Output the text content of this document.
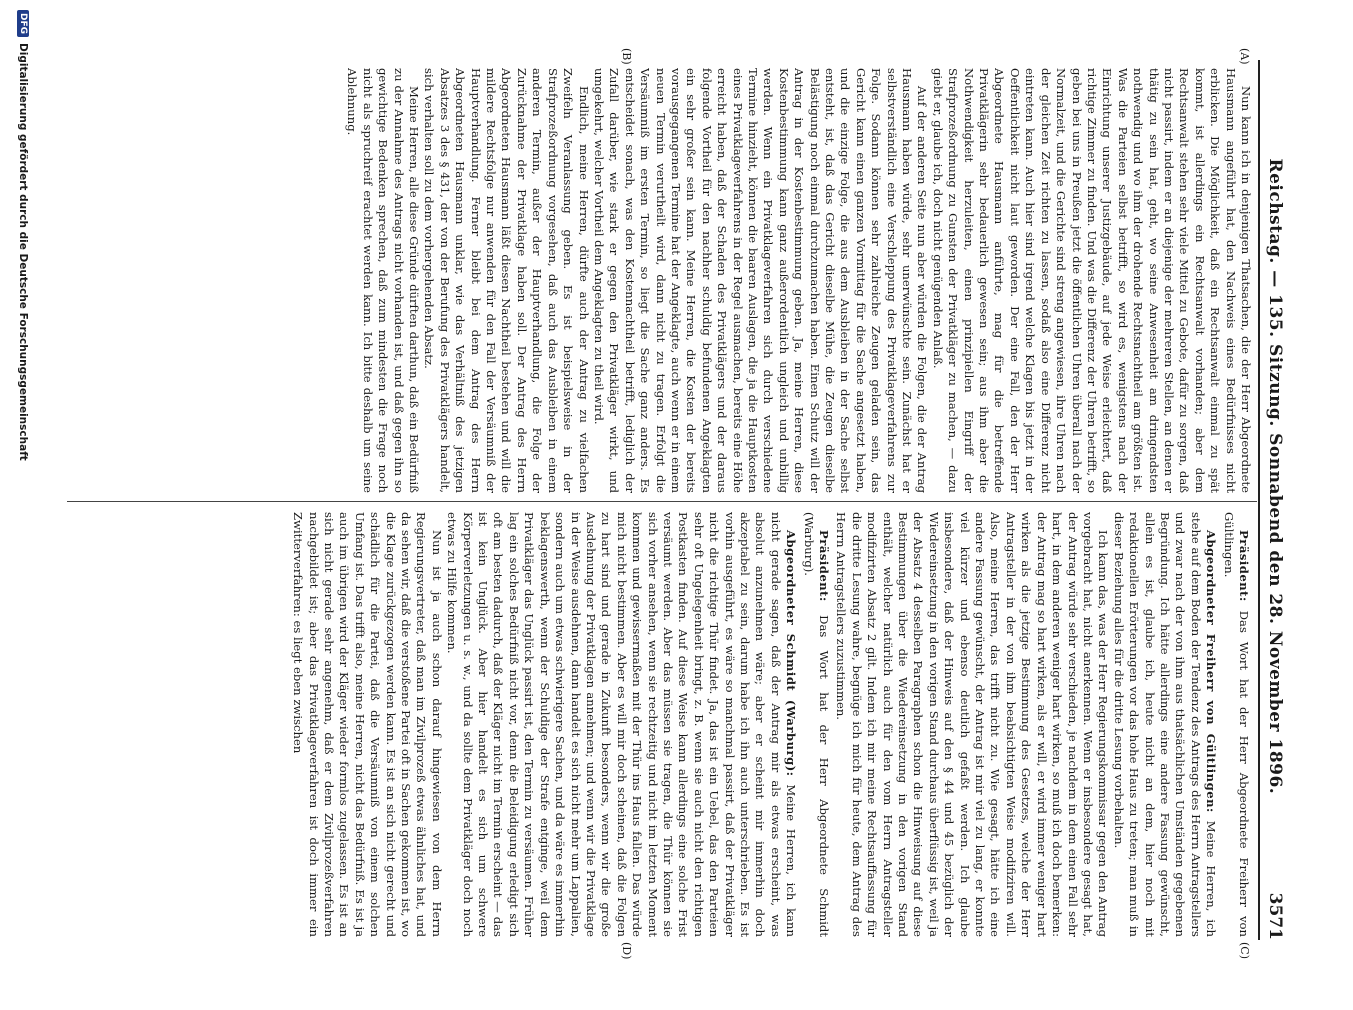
Reichstag. — 135. Sitzung. Sonnabend den 28. November 1896.
3571
(A)
(B)
(C)
(D)

Nun kann ich in denjenigen Thatsachen, die der Herr Abgeordnete Hausmann angeführt hat, den Nachweis eines Bedürfnisses nicht erblicken. Die Möglichkeit, daß ein Rechtsanwalt einmal zu spät kommt, ist allerdings ein Rechtsanwalt vorhanden; aber dem Rechtsanwalt stehen sehr viele Mittel zu Gebote, dafür zu sorgen, daß nicht passirt, indem er an diejenige der mehreren Stellen, an denen er thätig zu sein hat, geht, wo seine Anwesenheit am dringendsten nothwendig und wo ihm der drohende Rechtsnachtheil am größten ist. Was die Parteien selbst betrifft, so wird es, wenigstens nach der Einrichtung unserer Justizgebäude, auf jede Weise erleichtert, daß richtige Zimmer zu finden. Und was die Differenz der Uhren betrifft, so geben bei uns in Preußen jetzt die öffentlichen Uhren überall nach der Normalzeit, und die Gerichte sind streng angewiesen, ihre Uhren nach der gleichen Zeit richten zu lassen, sodaß also eine Differenz nicht eintreten kann. Auch hier sind irgend welche Klagen bis jetzt in der Oeffentlichkeit nicht laut geworden. Der eine Fall, den der Herr Abgeordnete Hausmann anführte, mag für die betreffende Privatklägerin sehr bedauerlich gewesen sein; aus ihm aber die Nothwendigkeit herzuleiten, einen prinzipiellen Eingriff der Strafprozeßordnung zu Gunsten der Privatkläger zu machen, — dazu giebt er, glaube ich, doch nicht genügenden Anlaß.

Auf der anderen Seite nun aber würden die Folgen, die der Antrag Hausmann haben würde, sehr unerwünschte sein. Zunächst hat er selbstverständlich eine Verschleppung des Privatklageverfahrens zur Folge. Sodann können sehr zahlreiche Zeugen geladen sein, das Gericht kann einen ganzen Vormittag für die Sache angesetzt haben, und die einzige Folge, die aus dem Ausbleiben in der Sache selbst entsteht, ist, daß das Gericht dieselbe Mühe, die Zeugen dieselbe Belästigung noch einmal durchzumachen haben. Einen Schutz will der Antrag in der Kostenbestimmung geben. Ja, meine Herren, diese Kostenbestimmung kann ganz außerordentlich ungleich und unbillig werden. Wenn ein Privatklageverfahren sich durch verschiedene Termine hinzieht, können die baaren Auslagen, die ja die Hauptkosten eines Privatklageverfahrens in der Regel ausmachen, bereits eine Höhe erreicht haben, daß der Schaden des Privatklägers und der daraus folgende Vortheil für den nachher schuldig befundenen Angeklagten ein sehr großer sein kann. Meine Herren, die Kosten der bereits vorausgegangenen Termine hat der Angeklagte, auch wenn er in einem neuen Termin verurtheilt wird, dann nicht zu tragen. Erfolgt die Versäumniß im ersten Termin, so liegt die Sache ganz anders. Es entscheidet sonach, was den Kostennachtheil betrifft, lediglich der Zufall darüber, wie stark er gegen den Privatkläger wirkt, und umgekehrt, welcher Vortheil dem Angeklagten zu theil wird.

Endlich, meine Herren, dürfte auch der Antrag zu vielfachen Zweifeln Veranlassung geben. Es ist beispielsweise in der Strafprozeßordnung vorgesehen, daß auch das Ausbleiben in einem anderen Termin, außer der Hauptverhandlung, die Folge der Zurücknahme der Privatklage haben soll. Der Antrag des Herrn Abgeordneten Hausmann läßt diesen Nachtheil bestehen und will die mildere Rechtsfolge nur anwenden für den Fall der Versäumniß der Hauptverhandlung. Ferner bleibt bei dem Antrag des Herrn Abgeordneten Hausmann unklar, wie das Verhältniß des jetzigen Absatzes 3 des § 431, der von der Berufung des Privatklägers handelt, sich verhalten soll zu dem vorhergehenden Absatz.

Meine Herren, alle diese Gründe dürften darthun, daß ein Bedürfniß zu der Annahme des Antrags nicht vorhanden ist, und daß gegen ihn so gewichtige Bedenken sprechen, daß zum mindesten die Frage noch nicht als spruchreif erachtet werden kann. Ich bitte deshalb um seine Ablehnung.

Präsident: Das Wort hat der Herr Abgeordnete Freiherr von Gültlingen.

Abgeordneter Freiherr von Gültlingen: Meine Herren, ich stehe auf dem Boden der Tendenz des Antrags des Herrn Antragstellers und zwar nach der von ihm aus thatsächlichen Umständen gegebenen Begründung. Ich hätte allerdings eine andere Fassung gewünscht, allein es ist, glaube ich, heute nicht an dem, hier noch mit redaktionellen Erörterungen vor das hohe Haus zu treten; man muß in dieser Beziehung alles für die dritte Lesung vorbehalten.

Ich kann das, was der Herr Regierungskommissar gegen den Antrag vorgebracht hat, nicht anerkennen. Wenn er insbesondere gesagt hat, der Antrag würde sehr verschieden, je nachdem in dem einen Fall sehr hart, in dem anderen weniger hart wirken, so muß ich doch bemerken: der Antrag mag so hart wirken, als er will, er wird immer weniger hart wirken als die jetzige Bestimmung des Gesetzes, welche der Herr Antragsteller in der von ihm beabsichtigten Weise modifiziren will. Also, meine Herren, das trifft nicht zu. Wie gesagt, hätte ich eine andere Fassung gewünscht, der Antrag ist mir viel zu lang, er konnte viel kürzer und ebenso deutlich gefaßt werden. Ich glaube insbesondere, daß der Hinweis auf den § 44 und 45 bezüglich der Wiedereinsetzung in den vorigen Stand durchaus überflüssig ist, weil ja der Absatz 4 desselben Paragraphen schon die Hinweisung auf diese Bestimmungen über die Wiedereinsetzung in den vorigen Stand enthält, welcher natürlich auch für den vom Herrn Antragsteller modifizirten Absatz 2 gilt. Indem ich mir meine Rechtsauffassung für die dritte Lesung wahre, begnüge ich mich für heute, dem Antrag des Herrn Antragstellers zuzustimmen.

Präsident: Das Wort hat der Herr Abgeordnete Schmidt (Warburg).

Abgeordneter Schmidt (Warburg): Meine Herren, ich kann nicht gerade sagen, daß der Antrag mir als etwas erscheint, was absolut anzunehmen wäre; aber er scheint mir immerhin doch akzeptabel zu sein, darum habe ich ihn auch unterschrieben. Es ist vorhin ausgeführt, es wäre so manchmal passirt, daß der Privatkläger nicht die richtige Thür findet. Ja, das ist ein Uebel, das den Parteien sehr oft Ungelegenheit bringt, z. B. wenn sie auch nicht den richtigen Postkasten finden. Auf diese Weise kann allerdings eine solche Frist versäumt werden. Aber das müssen sie tragen, die Thür können sie sich vorher ansehen, wenn sie rechtzeitig und nicht im letzten Moment kommen und gewissermaßen mit der Thür ins Haus fallen. Das würde mich nicht bestimmen. Aber es will mir doch scheinen, daß die Folgen zu hart sind und gerade in Zukunft besonders, wenn wir die große Ausdehnung der Privatklagen annehmen; und wenn wir die Privatklage in der Weise ausdehnen, dann handelt es sich nicht mehr um Lappalien, sondern auch um etwas schwierigere Sachen, und da wäre es immerhin beklagenswerth, wenn der Schuldige der Strafe entginge, weil dem Privatkläger das Unglück passirt ist, den Termin zu versäumen. Früher lag ein solches Bedürfniß nicht vor, denn die Beleidigung erledigt sich oft am besten dadurch, daß der Kläger nicht im Termin erscheint — das ist kein Unglück. Aber hier handelt es sich um schwere Körperverletzungen u. s. w., und da sollte dem Privatkläger doch noch etwas zu Hilfe kommen.

Nun ist ja auch schon darauf hingewiesen von dem Herrn Regierungsvertreter, daß man im Zivilprozeß etwas ähnliches hat, und da sehen wir, daß die verstoßene Partei oft in Sachen gekommen ist, wo die Klage zurückgezogen werden kann. Es ist an sich nicht gerecht und schädlich für die Partei, daß die Versäumniß von einem solchen Umfang ist. Das trifft also, meine Herren, nicht das Bedürfniß. Es ist ja auch im übrigen wird der Kläger wieder formlos zugelassen. Es ist an sich nicht gerade sehr angenehm, daß er dem Zivilprozeßverfahren nachgebildet ist; aber das Privatklageverfahren ist doch immer ein Zwitterverfahren: es liegt eben zwischen

DFG
Digitalisierung gefördert durch die Deutsche Forschungsgemeinschaft
